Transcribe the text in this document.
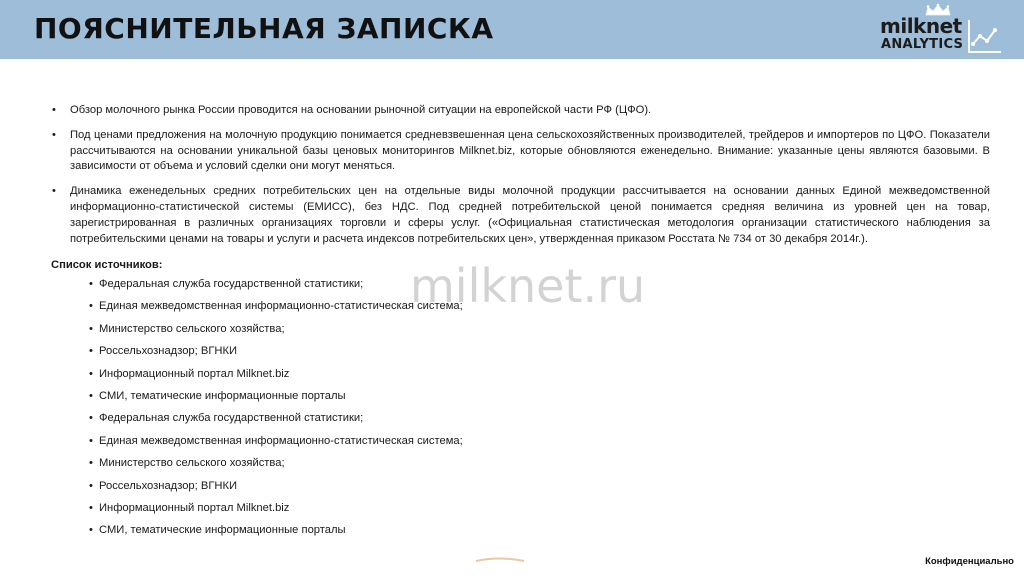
ПОЯСНИТЕЛЬНАЯ ЗАПИСКА	milknet
ANALYTICS
• Обзор молочного рынка России проводится на основании рыночной ситуации на европейской части РФ (ЦФО).
• Под ценами предложения на молочную продукцию понимается средневзвешенная цена сельскохозяйственных производителей, трейдеров и импортеров по ЦФО. Показатели рассчитываются на основании уникальной базы ценовых мониторингов Milknet.biz, которые обновляются еженедельно. Внимание: указанные цены являются базовыми. В зависимости от объема и условий сделки они могут меняться.
• Динамика еженедельных средних потребительских цен на отдельные виды молочной продукции рассчитывается на основании данных Единой межведомственной информационно-статистической системы (ЕМИСС), без НДС. Под средней потребительской ценой понимается средняя величина из уровней цен на товар, зарегистрированная в различных организациях торговли и сферы услуг. («Официальная статистическая методология организации статистического наблюдения за потребительскими ценами на товары и услуги и расчета индексов потребительских цен», утвержденная приказом Росстата № 734 от 30 декабря 2014г.).
milknet.ru
Список источников:
• Федеральная служба государственной статистики;
• Единая межведомственная информационно-статистическая система;
• Министерство сельского хозяйства;
• Россельхознадзор; ВГНКИ
• Информационный портал Milknet.biz
• СМИ, тематические информационные порталы
• Федеральная служба государственной статистики;
• Единая межведомственная информационно-статистическая система;
• Министерство сельского хозяйства;
• Россельхознадзор; ВГНКИ
• Информационный портал Milknet.biz
• СМИ, тематические информационные порталы
Конфиденциально
